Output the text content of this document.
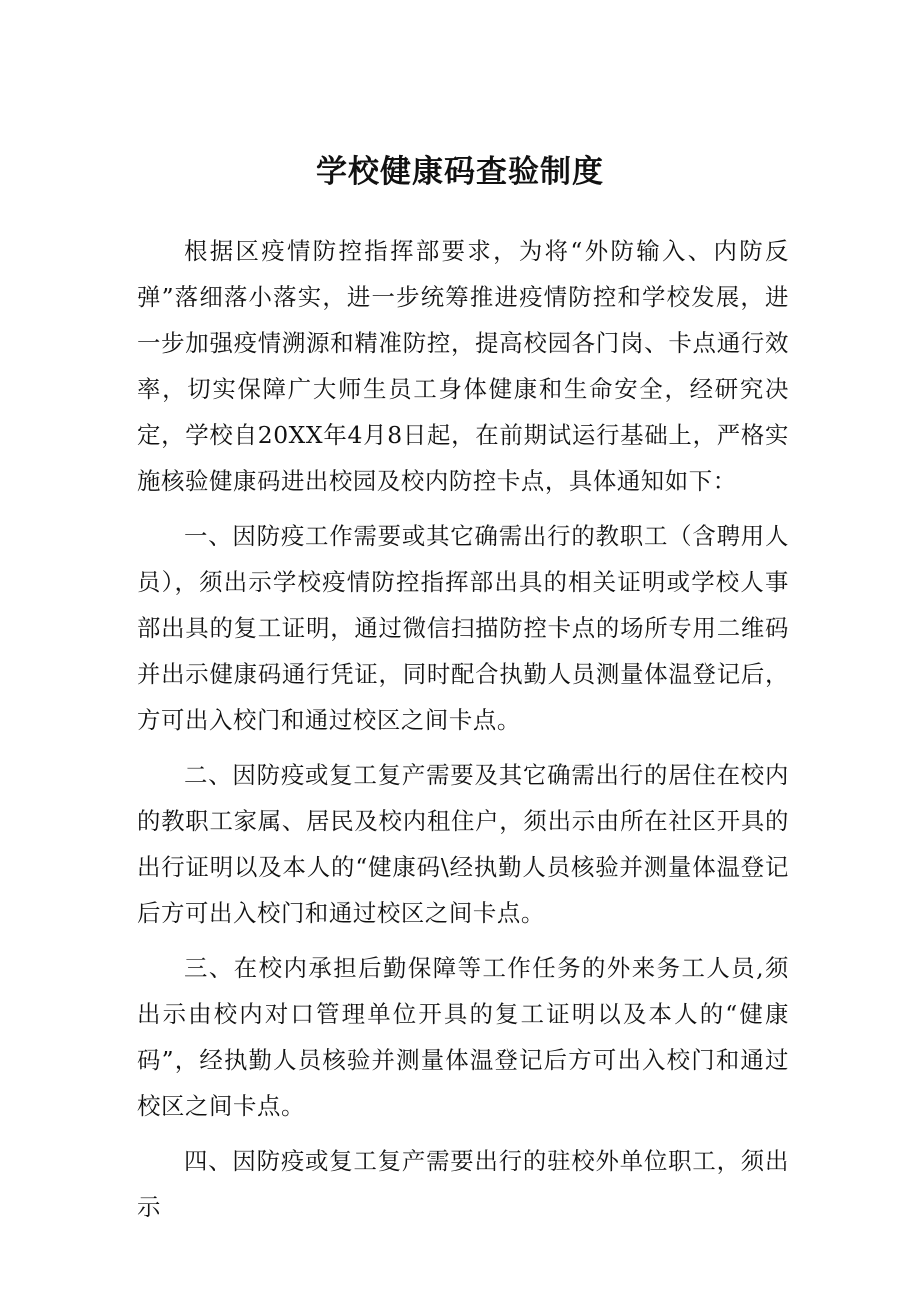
学校健康码查验制度

根据区疫情防控指挥部要求，为将“外防输入、内防反弹”落细落小落实，进一步统筹推进疫情防控和学校发展，进一步加强疫情溯源和精准防控，提高校园各门岗、卡点通行效率，切实保障广大师生员工身体健康和生命安全，经研究决定，学校自20XX年4月8日起，在前期试运行基础上，严格实施核验健康码进出校园及校内防控卡点，具体通知如下：

一、因防疫工作需要或其它确需出行的教职工（含聘用人员），须出示学校疫情防控指挥部出具的相关证明或学校人事部出具的复工证明，通过微信扫描防控卡点的场所专用二维码并出示健康码通行凭证，同时配合执勤人员测量体温登记后，方可出入校门和通过校区之间卡点。

二、因防疫或复工复产需要及其它确需出行的居住在校内的教职工家属、居民及校内租住户，须出示由所在社区开具的出行证明以及本人的“健康码\经执勤人员核验并测量体温登记后方可出入校门和通过校区之间卡点。

三、在校内承担后勤保障等工作任务的外来务工人员,须出示由校内对口管理单位开具的复工证明以及本人的“健康码”，经执勤人员核验并测量体温登记后方可出入校门和通过校区之间卡点。

四、因防疫或复工复产需要出行的驻校外单位职工，须出示
